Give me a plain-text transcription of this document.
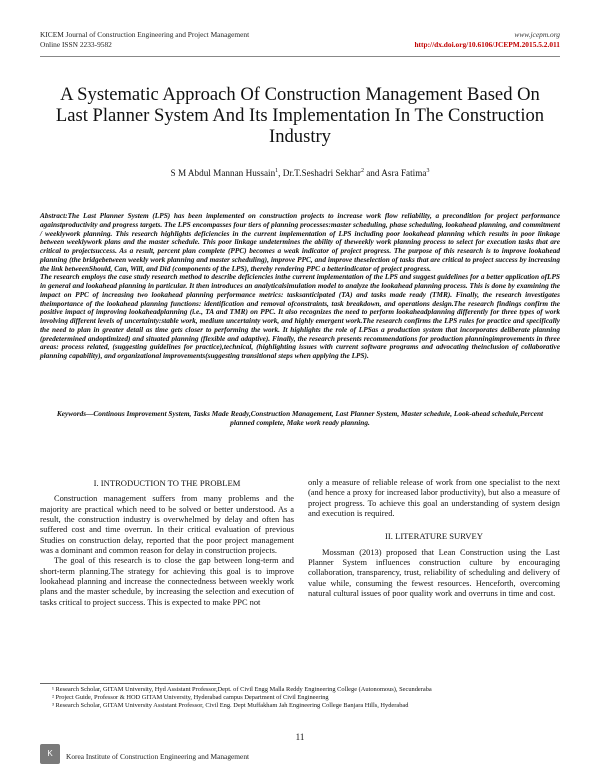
KICEM Journal of Construction Engineering and Project Management
Online ISSN 2233-9582
www.jcepm.org
http://dx.doi.org/10.6106/JCEPM.2015.5.2.011
A Systematic Approach Of Construction Management Based On Last Planner System And Its Implementation In The Construction Industry
S M Abdul Mannan Hussain$^1$, Dr.T.Seshadri Sekhar$^2$ and Asra Fatima$^3$

Abstract:The Last Planner System (LPS) has been implemented on construction projects to increase work flow reliability, a precondition for project performance againstproductivity and progress targets. The LPS encompasses four tiers of planning processes:master scheduling, phase scheduling, lookahead planning, and commitment / weeklywork planning. This research highlights deficiencies in the current implementation of LPS including poor lookahead planning which results in poor linkage between weeklywork plans and the master schedule. This poor linkage undetermines the ability of theweekly work planning process to select for execution tasks that are critical to projectsuccess. As a result, percent plan complete (PPC) becomes a weak indicator of project progress. The purpose of this research is to improve lookahead planning (the bridgebetween weekly work planning and master scheduling), improve PPC, and improve theselection of tasks that are critical to project success by increasing the link betweenShould, Can, Will, and Did (components of the LPS), thereby rendering PPC a betterindicator of project progress.

The research employs the case study research method to describe deficiencies inthe current implementation of the LPS and suggest guidelines for a better application ofLPS in general and lookahead planning in particular. It then introduces an analyticalsimulation model to analyze the lookahead planning process. This is done by examining the impact on PPC of increasing two lookahead planning performance metrics: tasksanticipated (TA) and tasks made ready (TMR). Finally, the research investigates theimportance of the lookahead planning functions: identification and removal ofconstraints, task breakdown, and operations design.The research findings confirm the positive impact of improving lookaheadplanning (i.e., TA and TMR) on PPC. It also recognizes the need to perform lookaheadplanning differently for three types of work involving different levels of uncertainty:stable work, medium uncertainty work, and highly emergent work.The research confirms the LPS rules for practice and specifically the need to plan in greater detail as time gets closer to performing the work. It highlights the role of LPSas a production system that incorporates deliberate planning (predetermined andoptimized) and situated planning (flexible and adaptive). Finally, the research presents recommendations for production planningimprovements in three areas: process related, (suggesting guidelines for practice),technical, (highlighting issues with current software programs and advocating theinclusion of collaborative planning capability), and organizational improvements(suggesting transitional steps when applying the LPS).

Keywords—Continous Improvement System, Tasks Made Ready,Construction Management, Last Planner System, Master schedule, Look-ahead schedule,Percent planned complete, Make work ready planning.
I. INTRODUCTION TO THE PROBLEM

Construction management suffers from many problems and the majority are practical which need to be solved or better understood. As a result, the construction industry is overwhelmed by delay and often has suffered cost and time overrun. In their critical evaluation of previous Studies on construction delay, reported that the poor project management was a dominant and common reason for delay in construction projects.

The goal of this research is to close the gap between long-term and short-term planning.The strategy for achieving this goal is to improve lookahead planning and increase the connectedness between weekly work plans and the master schedule, by increasing the selection and execution of tasks critical to project success. This is expected to make PPC not

only a measure of reliable release of work from one specialist to the next (and hence a proxy for increased labor productivity), but also a measure of project progress. To achieve this goal an understanding of system design and execution is required.

II. LITERATURE SURVEY

Mossman (2013) proposed that Lean Construction using the Last Planner System influences construction culture by encouraging collaboration, transparency, trust, reliability of scheduling and delivery of value while, consuming the fewest resources. Henceforth, overcoming natural cultural issues of poor quality work and overruns in time and cost.

¹ Research Scholar, GITAM University, Hyd Assistant Professor,Dept. of Civil Engg Malla Reddy Engineering College (Autonomous), Secunderaba
² Project Guide, Professor & HOD GITAM University, Hyderabad campus Department of Civil Engineering
³ Research Scholar, GITAM University Assistant Professor, Civil Eng. Dept Muffakham Jah Engineering College Banjara Hills, Hyderabad
11
K	Korea Institute of Construction Engineering and Management
